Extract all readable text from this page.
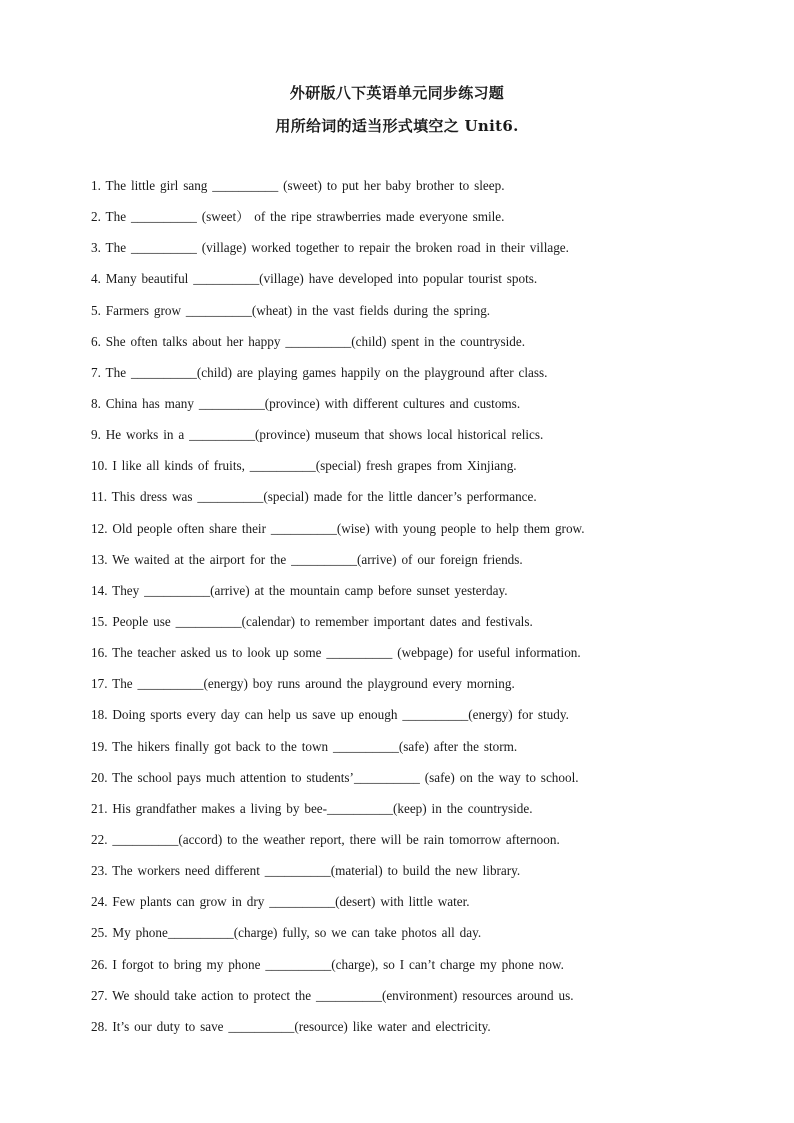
外研版八下英语单元同步练习题
用所给词的适当形式填空之 Unit6.
1. The little girl sang __________ (sweet) to put her baby brother to sleep.
2. The __________ (sweet） of the ripe strawberries made everyone smile.
3. The __________ (village) worked together to repair the broken road in their village.
4. Many beautiful __________(village) have developed into popular tourist spots.
5. Farmers grow __________(wheat) in the vast fields during the spring.
6. She often talks about her happy __________(child) spent in the countryside.
7. The __________(child) are playing games happily on the playground after class.
8. China has many __________(province) with different cultures and customs.
9. He works in a __________(province) museum that shows local historical relics.
10. I like all kinds of fruits, __________(special) fresh grapes from Xinjiang.
11. This dress was __________(special) made for the little dancer’s performance.
12. Old people often share their __________(wise) with young people to help them grow.
13. We waited at the airport for the __________(arrive) of our foreign friends.
14. They __________(arrive) at the mountain camp before sunset yesterday.
15. People use __________(calendar) to remember important dates and festivals.
16. The teacher asked us to look up some __________ (webpage) for useful information.
17. The __________(energy) boy runs around the playground every morning.
18. Doing sports every day can help us save up enough __________(energy) for study.
19. The hikers finally got back to the town __________(safe) after the storm.
20. The school pays much attention to students’__________ (safe) on the way to school.
21. His grandfather makes a living by bee-__________(keep) in the countryside.
22. __________(accord) to the weather report, there will be rain tomorrow afternoon.
23. The workers need different __________(material) to build the new library.
24. Few plants can grow in dry __________(desert) with little water.
25. My phone__________(charge) fully, so we can take photos all day.
26. I forgot to bring my phone __________(charge), so I can’t charge my phone now.
27. We should take action to protect the __________(environment) resources around us.
28. It’s our duty to save __________(resource) like water and electricity.
